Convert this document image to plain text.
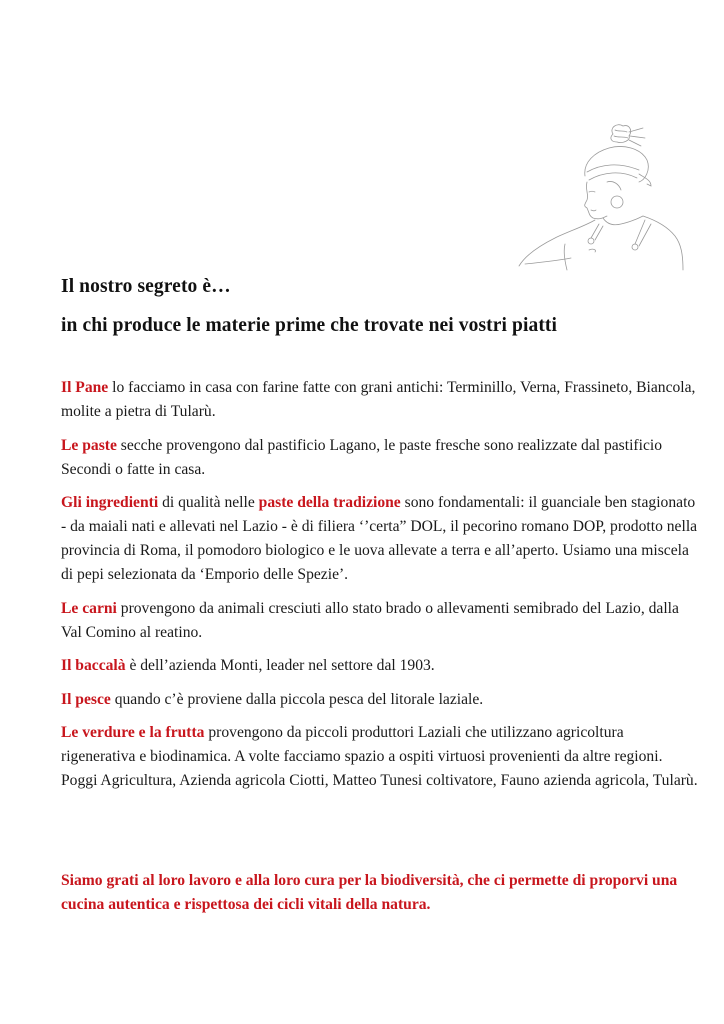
Il nostro segreto è…
in chi produce le materie prime che trovate nei vostri piatti

Il Pane lo facciamo in casa con farine fatte con grani antichi: Terminillo, Verna, Frassineto, Biancola, molite a pietra di Tularù.

Le paste secche provengono dal pastificio Lagano, le paste fresche sono realizzate dal pastificio Secondi o fatte in casa.

Gli ingredienti di qualità nelle paste della tradizione sono fondamentali: il guanciale ben stagionato - da maiali nati e allevati nel Lazio - è di filiera ‘’certa” DOL, il pecorino romano DOP, prodotto nella provincia di Roma, il pomodoro biologico e le uova allevate a terra e all’aperto. Usiamo una miscela di pepi selezionata da ‘Emporio delle Spezie’.

Le carni provengono da animali cresciuti allo stato brado o allevamenti semibrado del Lazio, dalla Val Comino al reatino.

Il baccalà è dell’azienda Monti, leader nel settore dal 1903.

Il pesce quando c’è proviene dalla piccola pesca del litorale laziale.

Le verdure e la frutta provengono da piccoli produttori Laziali che utilizzano agricoltura rigenerativa e biodinamica. A volte facciamo spazio a ospiti virtuosi provenienti da altre regioni. Poggi Agricultura, Azienda agricola Ciotti, Matteo Tunesi coltivatore, Fauno azienda agricola, Tularù.

Siamo grati al loro lavoro e alla loro cura per la biodiversità, che ci permette di proporvi una cucina autentica e rispettosa dei cicli vitali della natura.
